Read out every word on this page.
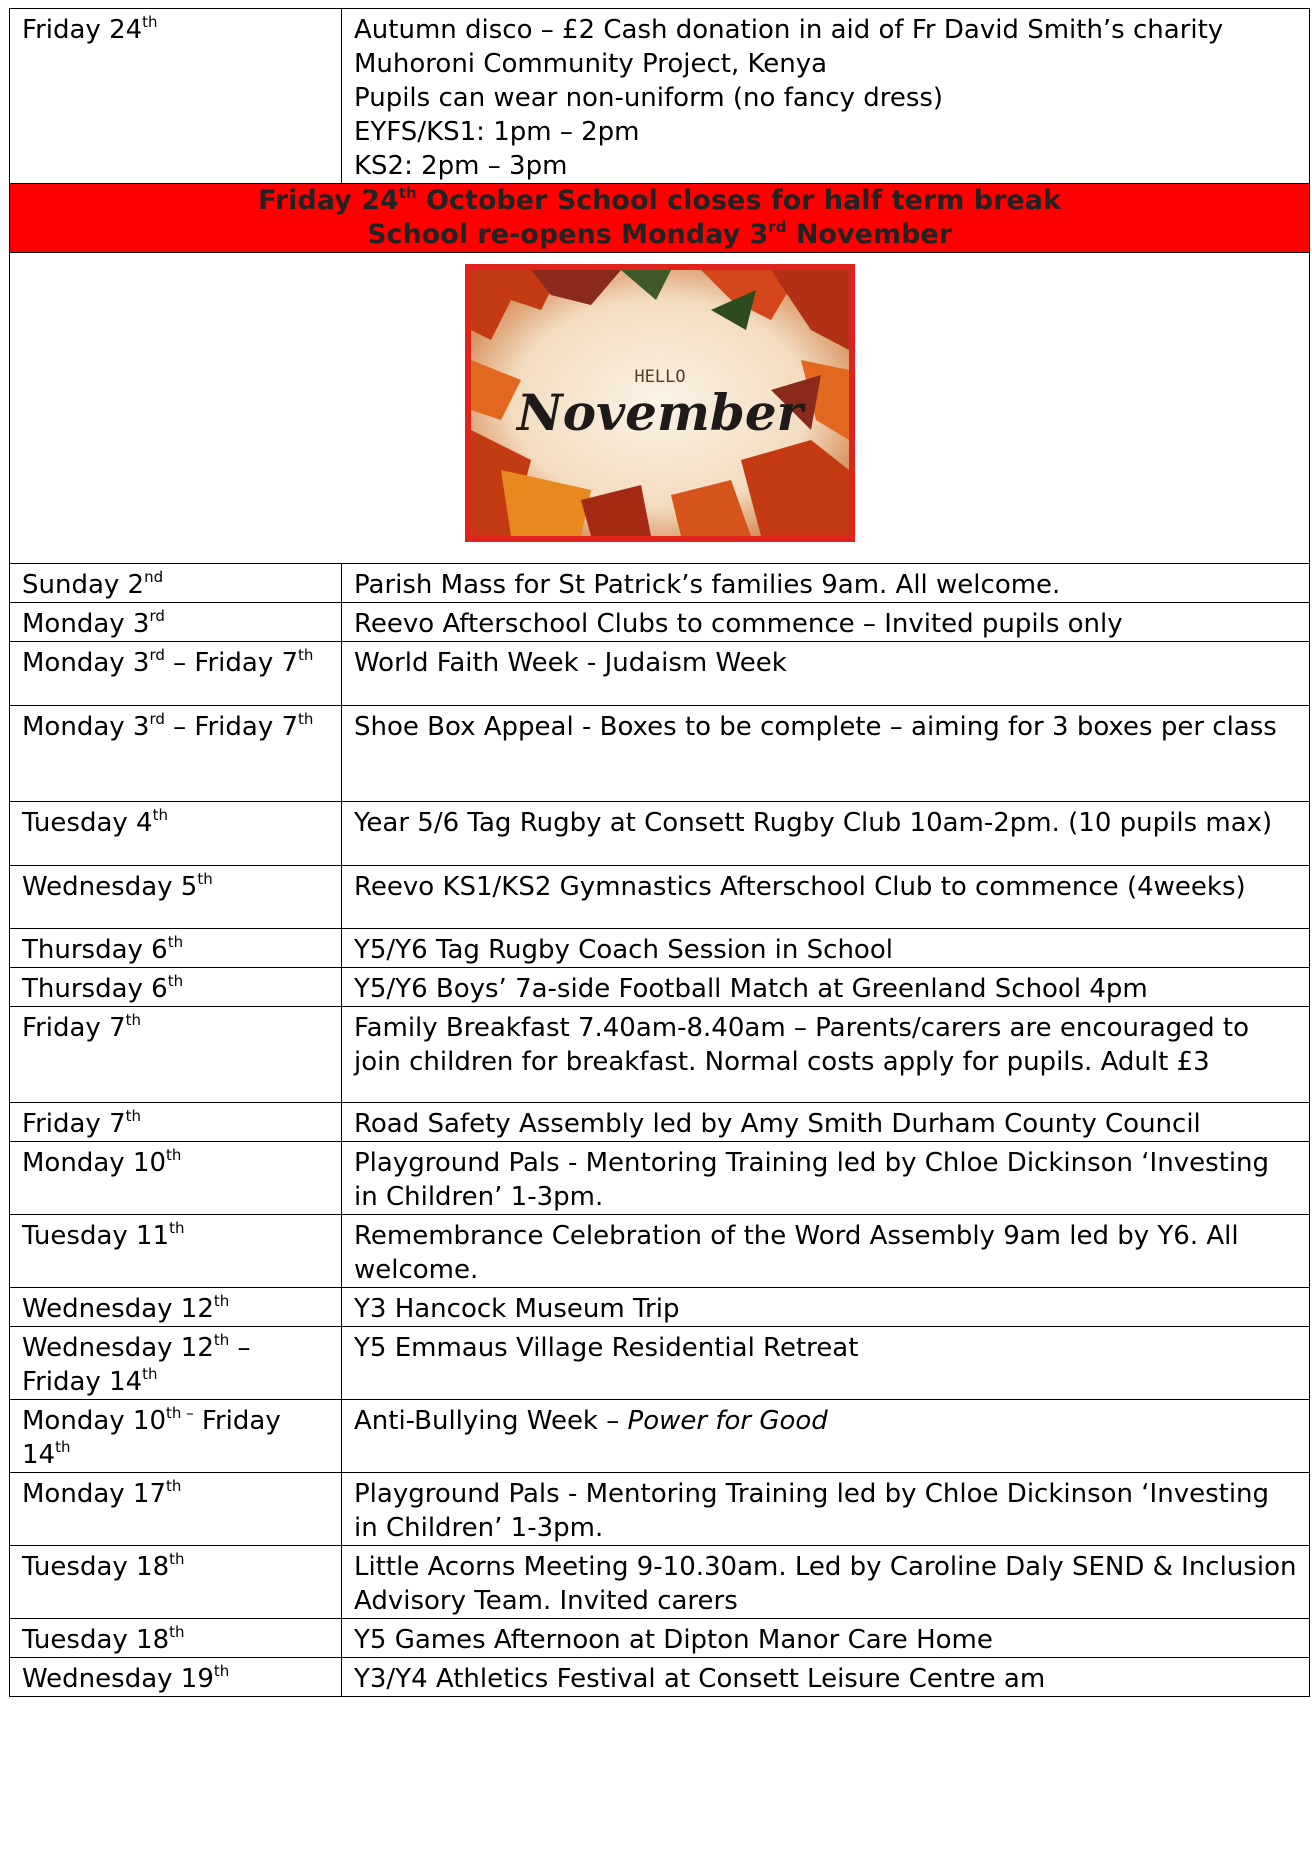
Friday 24th	Autumn disco – £2 Cash donation in aid of Fr David Smith’s charity
Muhoroni Community Project, Kenya
Pupils can wear non-uniform (no fancy dress)
EYFS/KS1: 1pm – 2pm
KS2: 2pm – 3pm

Friday 24th October School closes for half term break
School re-opens Monday 3rd November	

HELLO
November	

Sunday 2nd	Parish Mass for St Patrick’s families 9am. All welcome.
Monday 3rd	Reevo Afterschool Clubs to commence – Invited pupils only
Monday 3rd – Friday 7th	World Faith Week - Judaism Week
Monday 3rd – Friday 7th	Shoe Box Appeal - Boxes to be complete – aiming for 3 boxes per class
Tuesday 4th	Year 5/6 Tag Rugby at Consett Rugby Club 10am-2pm. (10 pupils max)
Wednesday 5th	Reevo KS1/KS2 Gymnastics Afterschool Club to commence (4weeks)
Thursday 6th	Y5/Y6 Tag Rugby Coach Session in School
Thursday 6th	Y5/Y6 Boys’ 7a-side Football Match at Greenland School 4pm
Friday 7th	Family Breakfast 7.40am-8.40am – Parents/carers are encouraged to join children for breakfast. Normal costs apply for pupils. Adult £3
Friday 7th	Road Safety Assembly led by Amy Smith Durham County Council
Monday 10th	Playground Pals - Mentoring Training led by Chloe Dickinson ‘Investing in Children’ 1-3pm.
Tuesday 11th	Remembrance Celebration of the Word Assembly 9am led by Y6. All welcome.
Wednesday 12th	Y3 Hancock Museum Trip
Wednesday 12th – Friday 14th	Y5 Emmaus Village Residential Retreat
Monday $10^{th -}$ Friday 14th	Anti-Bullying Week – Power for Good
Monday 17th	Playground Pals - Mentoring Training led by Chloe Dickinson ‘Investing in Children’ 1-3pm.
Tuesday 18th	Little Acorns Meeting 9-10.30am. Led by Caroline Daly SEND & Inclusion Advisory Team. Invited carers
Tuesday 18th	Y5 Games Afternoon at Dipton Manor Care Home
Wednesday 19th	Y3/Y4 Athletics Festival at Consett Leisure Centre am
